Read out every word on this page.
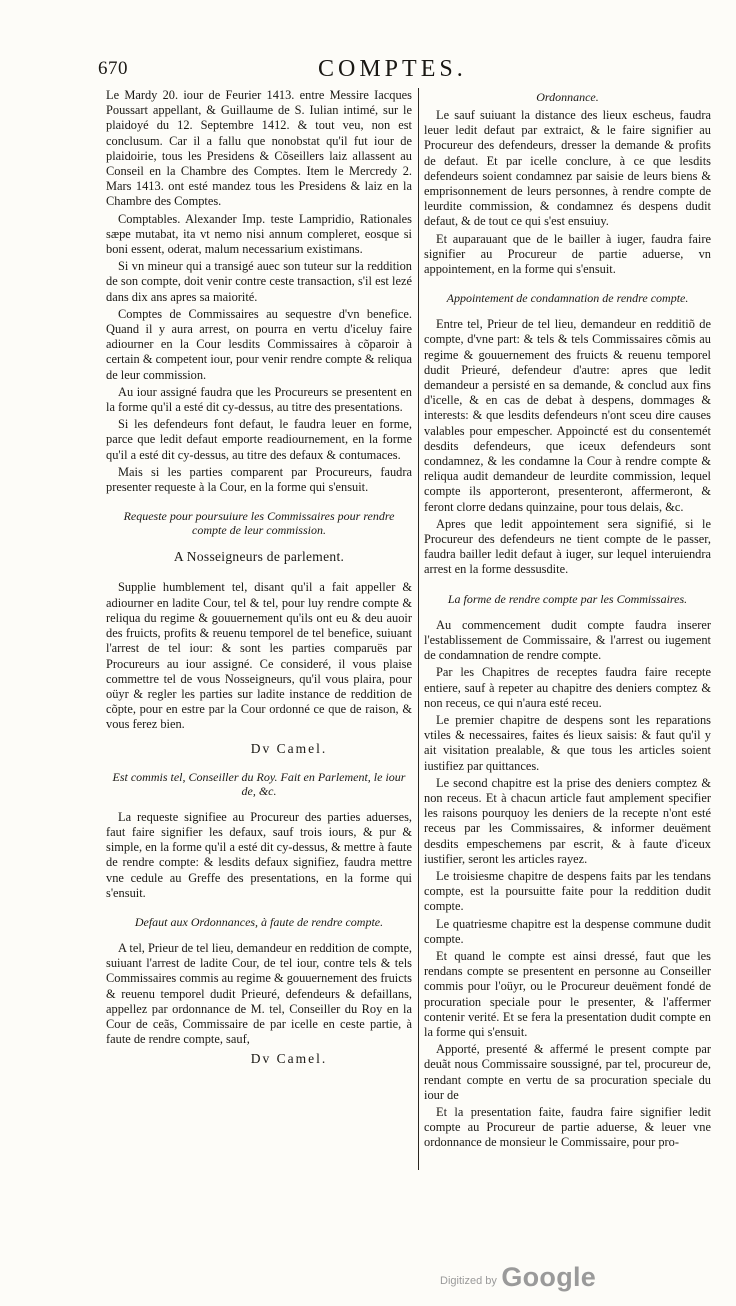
670	COMPTES.

Le Mardy 20. iour de Feurier 1413. entre Messire Iacques Poussart appellant, & Guillaume de S. Iulian intimé, sur le plaidoyé du 12. Septembre 1412. & tout veu, non est conclusum. Car il a fallu que nonobstat qu'il fut iour de plaidoirie, tous les Presidens & Cõseillers laiz allassent au Conseil en la Chambre des Comptes. Item le Mercredy 2. Mars 1413. ont esté mandez tous les Presidens & laiz en la Chambre des Comptes.

Comptables. Alexander Imp. teste Lampridio, Rationales sæpe mutabat, ita vt nemo nisi annum compleret, eosque si boni essent, oderat, malum necessarium existimans.

Si vn mineur qui a transigé auec son tuteur sur la reddition de son compte, doit venir contre ceste transaction, s'il est lezé dans dix ans apres sa maiorité.

Comptes de Commissaires au sequestre d'vn benefice. Quand il y aura arrest, on pourra en vertu d'iceluy faire adiourner en la Cour lesdits Commissaires à cõparoir à certain & competent iour, pour venir rendre compte & reliqua de leur commission.

Au iour assigné faudra que les Procureurs se presentent en la forme qu'il a esté dit cy-dessus, au titre des presentations.

Si les defendeurs font defaut, le faudra leuer en forme, parce que ledit defaut emporte readiournement, en la forme qu'il a esté dit cy-dessus, au titre des defaux & contumaces.

Mais si les parties comparent par Procureurs, faudra presenter requeste à la Cour, en la forme qui s'ensuit.

Requeste pour poursuiure les Commissaires pour rendre compte de leur commission.
A Nosseigneurs de parlement.

Supplie humblement tel, disant qu'il a fait appeller & adiourner en ladite Cour, tel & tel, pour luy rendre compte & reliqua du regime & gouuernement qu'ils ont eu & deu auoir des fruicts, profits & reuenu temporel de tel benefice, suiuant l'arrest de tel iour: & sont les parties comparuës par Procureurs au iour assigné. Ce consideré, il vous plaise commettre tel de vous Nosseigneurs, qu'il vous plaira, pour oüyr & regler les parties sur ladite instance de reddition de cõpte, pour en estre par la Cour ordonné ce que de raison, & vous ferez bien.

Dv Camel.
Est commis tel, Conseiller du Roy. Fait en Parlement, le iour de, &c.

La requeste signifiee au Procureur des parties aduerses, faut faire signifier les defaux, sauf trois iours, & pur & simple, en la forme qu'il a esté dit cy-dessus, & mettre à faute de rendre compte: & lesdits defaux signifiez, faudra mettre vne cedule au Greffe des presentations, en la forme qui s'ensuit.

Defaut aux Ordonnances, à faute de rendre compte.

A tel, Prieur de tel lieu, demandeur en reddition de compte, suiuant l'arrest de ladite Cour, de tel iour, contre tels & tels Commissaires commis au regime & gouuernement des fruicts & reuenu temporel dudit Prieuré, defendeurs & defaillans, appellez par ordonnance de M. tel, Conseiller du Roy en la Cour de ceãs, Commissaire de par icelle en ceste partie, à faute de rendre compte, sauf,

Dv Camel.
Ordonnance.

Le sauf suiuant la distance des lieux escheus, faudra leuer ledit defaut par extraict, & le faire signifier au Procureur des defendeurs, dresser la demande & profits de defaut. Et par icelle conclure, à ce que lesdits defendeurs soient condamnez par saisie de leurs biens & emprisonnement de leurs personnes, à rendre compte de leurdite commission, & condamnez és despens dudit defaut, & de tout ce qui s'est ensuiuy.

Et auparauant que de le bailler à iuger, faudra faire signifier au Procureur de partie aduerse, vn appointement, en la forme qui s'ensuit.

Appointement de condamnation de rendre compte.

Entre tel, Prieur de tel lieu, demandeur en redditiõ de compte, d'vne part: & tels & tels Commissaires cõmis au regime & gouuernement des fruicts & reuenu temporel dudit Prieuré, defendeur d'autre: apres que ledit demandeur a persisté en sa demande, & conclud aux fins d'icelle, & en cas de debat à despens, dommages & interests: & que lesdits defendeurs n'ont sceu dire causes valables pour empescher. Appoincté est du consentemét desdits defendeurs, que iceux defendeurs sont condamnez, & les condamne la Cour à rendre compte & reliqua audit demandeur de leurdite commission, lequel compte ils apporteront, presenteront, affermeront, & feront clorre dedans quinzaine, pour tous delais, &c.

Apres que ledit appointement sera signifié, si le Procureur des defendeurs ne tient compte de le passer, faudra bailler ledit defaut à iuger, sur lequel interuiendra arrest en la forme dessusdite.

La forme de rendre compte par les Commissaires.

Au commencement dudit compte faudra inserer l'establissement de Commissaire, & l'arrest ou iugement de condamnation de rendre compte.

Par les Chapitres de receptes faudra faire recepte entiere, sauf à repeter au chapitre des deniers comptez & non receus, ce qui n'aura esté receu.

Le premier chapitre de despens sont les reparations vtiles & necessaires, faites és lieux saisis: & faut qu'il y ait visitation prealable, & que tous les articles soient iustifiez par quittances.

Le second chapitre est la prise des deniers comptez & non receus. Et à chacun article faut amplement specifier les raisons pourquoy les deniers de la recepte n'ont esté receus par les Commissaires, & informer deuëment desdits empeschemens par escrit, & à faute d'iceux iustifier, seront les articles rayez.

Le troisiesme chapitre de despens faits par les tendans compte, est la poursuitte faite pour la reddition dudit compte.

Le quatriesme chapitre est la despense commune dudit compte.

Et quand le compte est ainsi dressé, faut que les rendans compte se presentent en personne au Conseiller commis pour l'oüyr, ou le Procureur deuëment fondé de procuration speciale pour le presenter, & l'affermer contenir verité. Et se fera la presentation dudit compte en la forme qui s'ensuit.

Apporté, presenté & affermé le present compte par deuãt nous Commissaire soussigné, par tel, procureur de, rendant compte en vertu de sa procuration speciale du iour de

Et la presentation faite, faudra faire signifier ledit compte au Procureur de partie aduerse, & leuer vne ordonnance de monsieur le Commissaire, pour pro-

Digitized by Google
